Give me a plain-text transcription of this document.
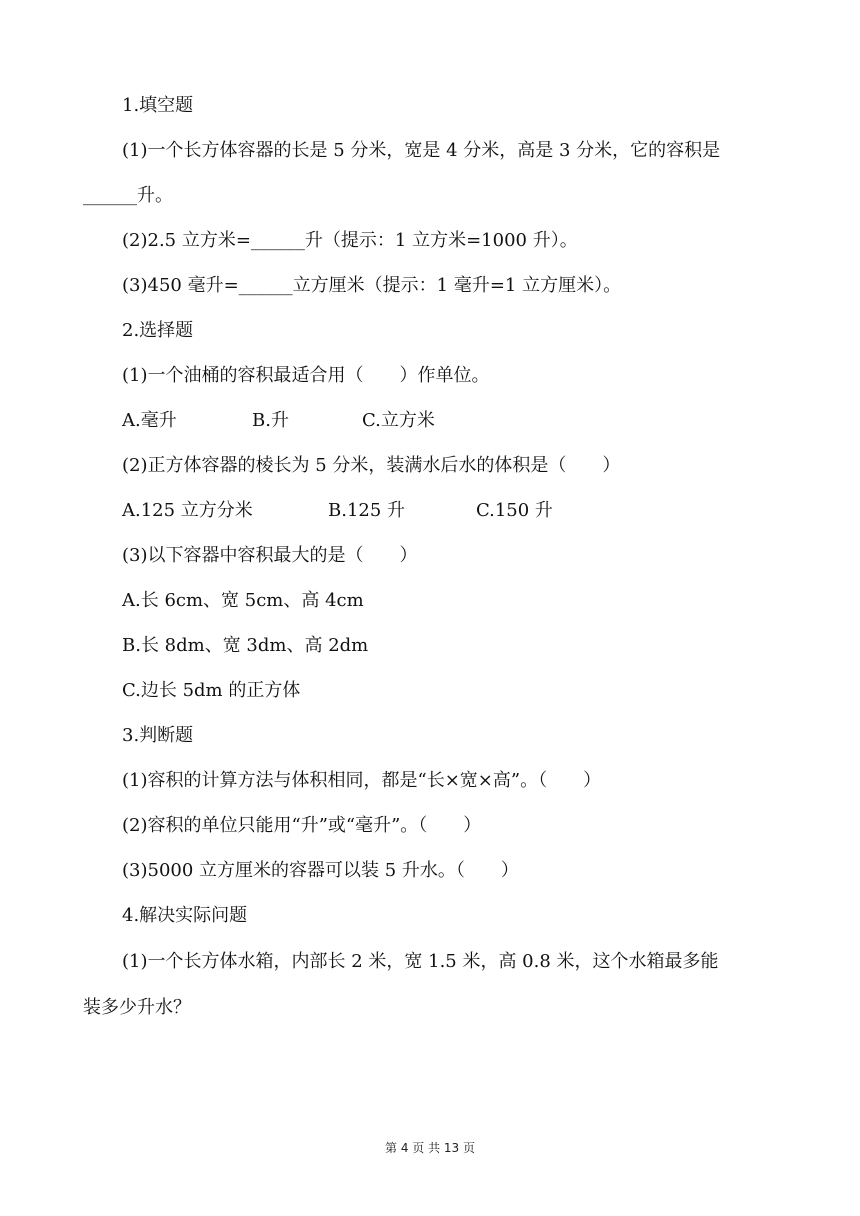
1.填空题
(1)一个长方体容器的长是 5 分米，宽是 4 分米，高是 3 分米，它的容积是
______升。
(2)2.5 立方米=______升（提示：1 立方米=1000 升）。
(3)450 毫升=______立方厘米（提示：1 毫升=1 立方厘米）。
2.选择题
(1)一个油桶的容积最适合用（　　）作单位。
A.毫升	B.升	C.立方米
(2)正方体容器的棱长为 5 分米，装满水后水的体积是（　　）
A.125 立方分米	B.125 升	C.150 升
(3)以下容器中容积最大的是（　　）
A.长 6cm、宽 5cm、高 4cm
B.长 8dm、宽 3dm、高 2dm
C.边长 5dm 的正方体
3.判断题
(1)容积的计算方法与体积相同，都是“长×宽×高”。（　　）
(2)容积的单位只能用“升”或“毫升”。（　　）
(3)5000 立方厘米的容器可以装 5 升水。（　　）
4.解决实际问题
(1)一个长方体水箱，内部长 2 米，宽 1.5 米，高 0.8 米，这个水箱最多能
装多少升水？
第 4 页 共 13 页
